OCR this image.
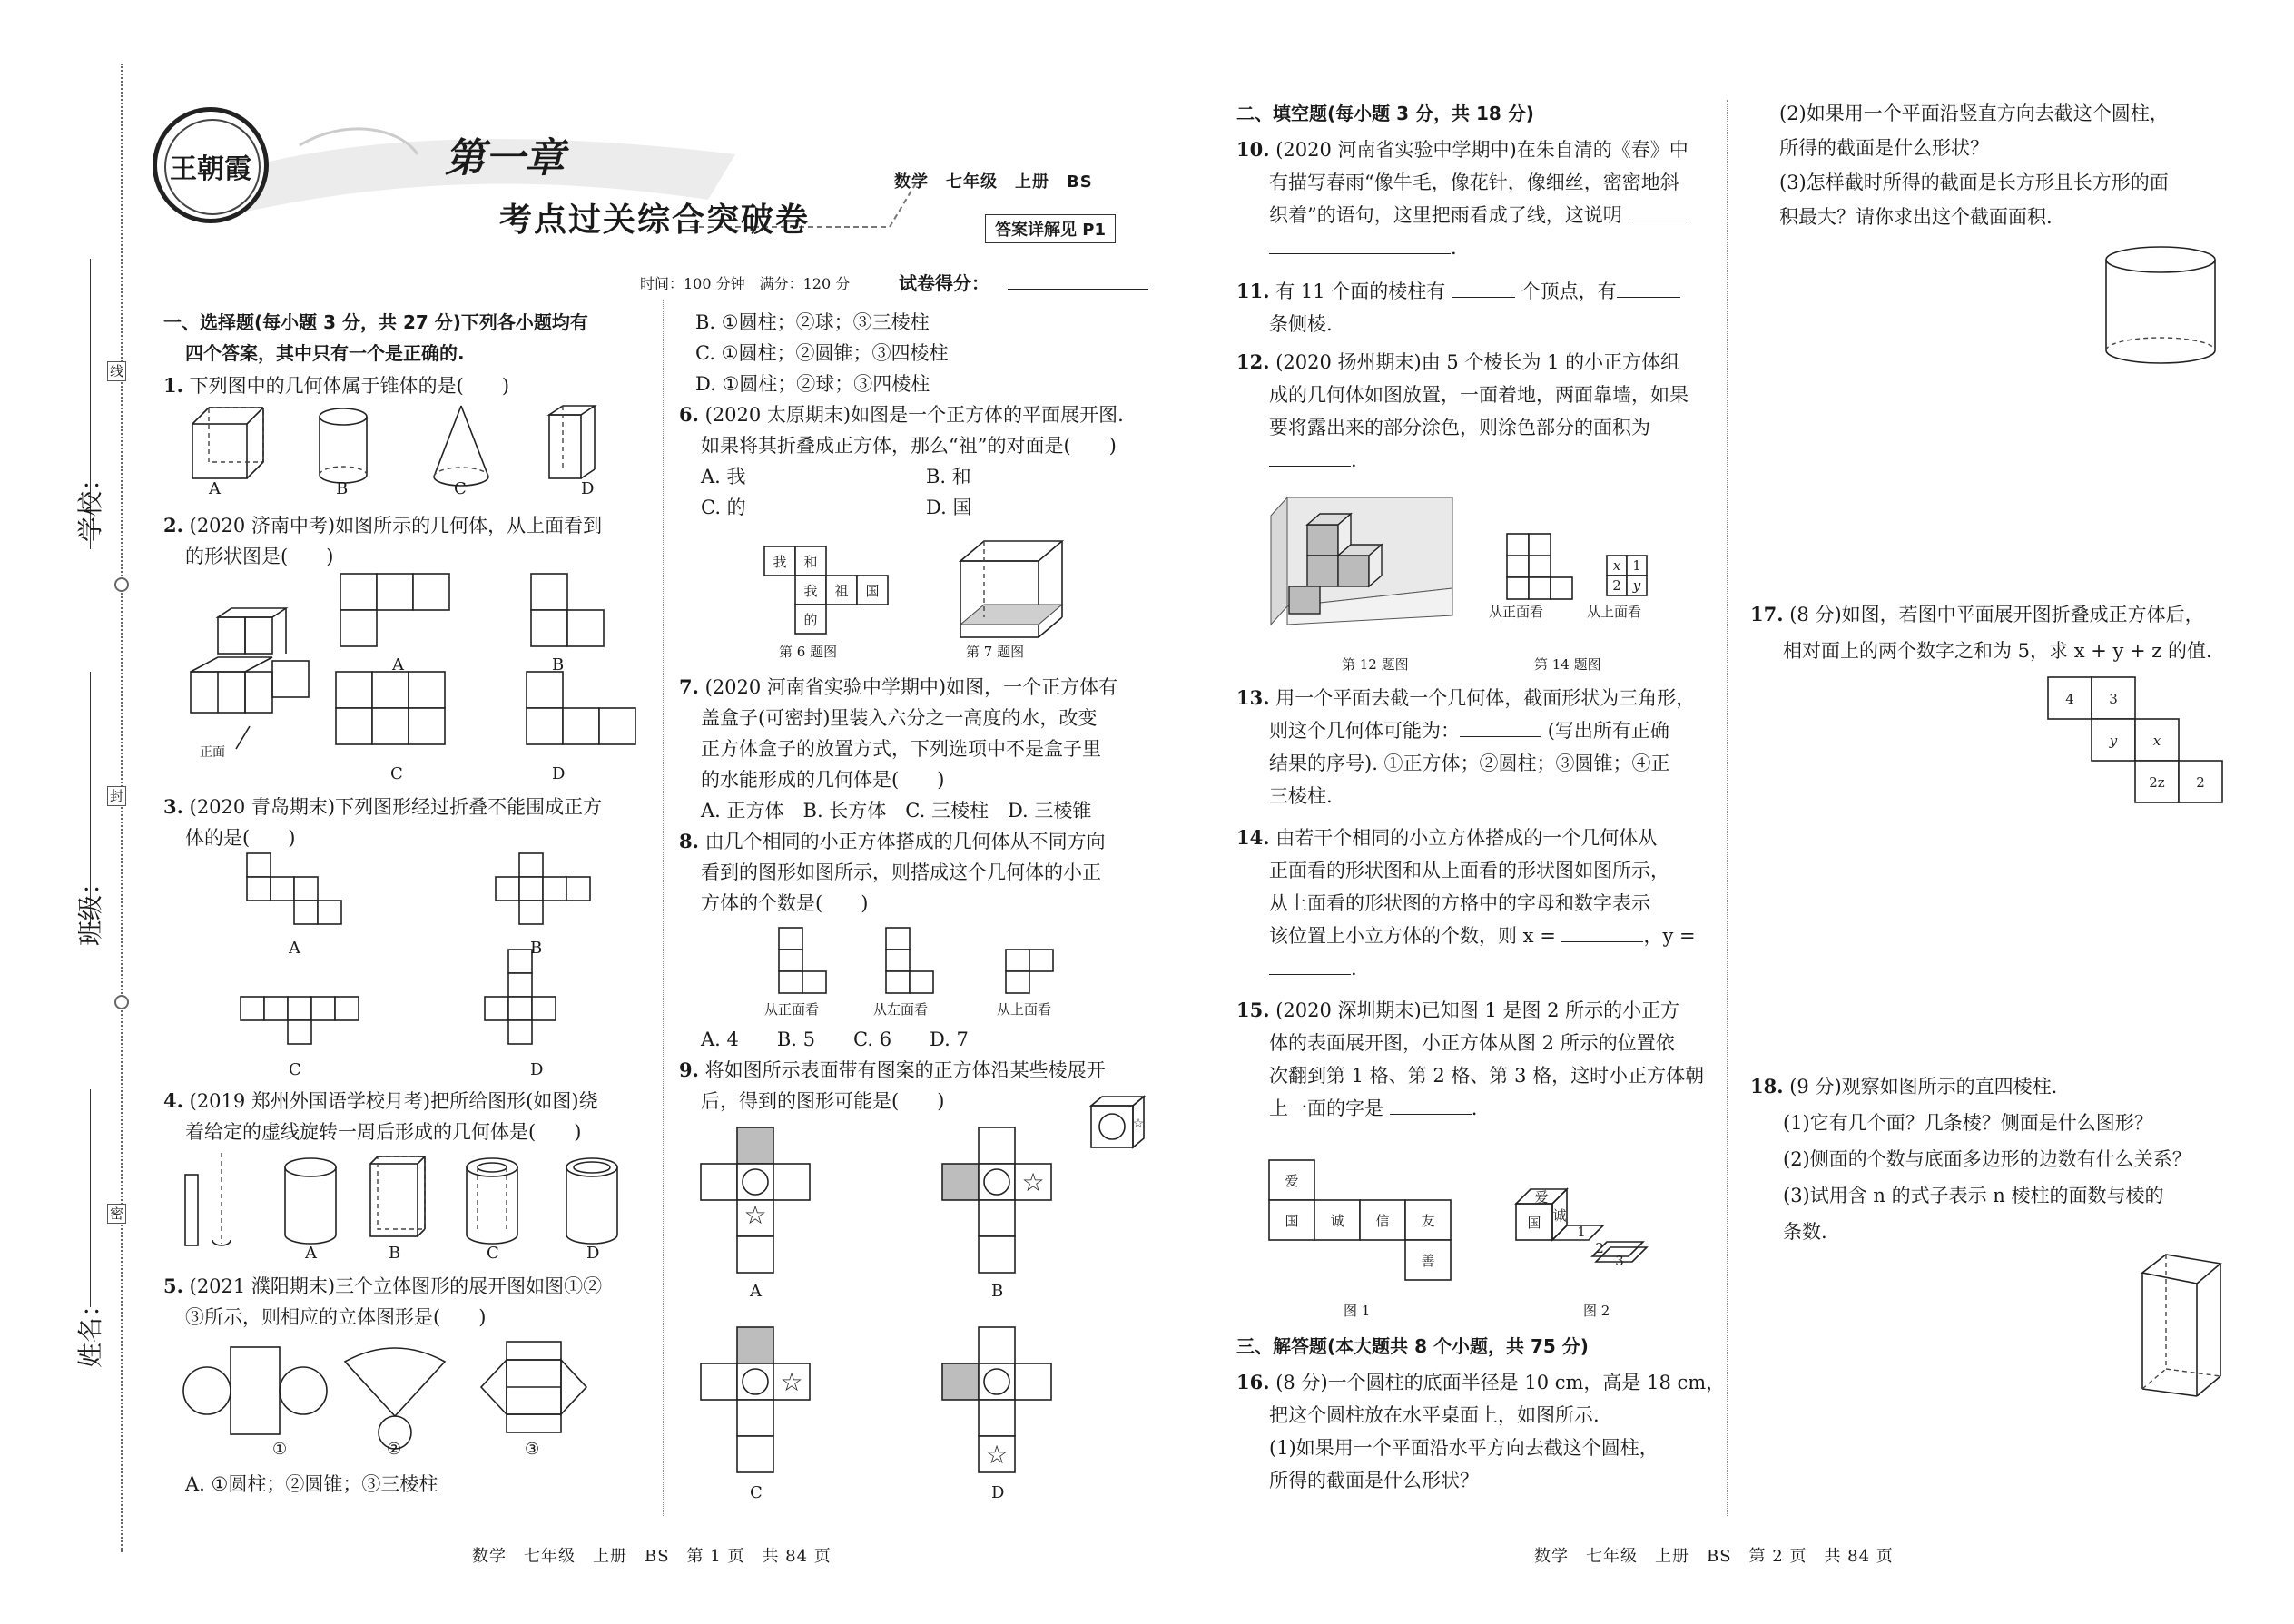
线
封
密
学校：
班级：
姓名：
王朝霞	第一章
考点过关综合突破卷
数学　七年级　上册　BS
答案详解见 P1
时间：100 分钟　满分：120 分	试卷得分：
一、选择题(每小题 3 分，共 27 分)下列各小题均有
四个答案，其中只有一个是正确的.
1. 下列图中的几何体属于锥体的是(　　)
A	B	C	D
2. (2020 济南中考)如图所示的几何体，从上面看到
的形状图是(　　)
正面
A	B
C	D
3. (2020 青岛期末)下列图形经过折叠不能围成正方
体的是(　　)
A	B
C	D
4. (2019 郑州外国语学校月考)把所给图形(如图)绕
着给定的虚线旋转一周后形成的几何体是(　　)
A	B	C	D
5. (2021 濮阳期末)三个立体图形的展开图如图①②
③所示，则相应的立体图形是(　　)
①	②	③
A. ①圆柱；②圆锥；③三棱柱
B. ①圆柱；②球；③三棱柱
C. ①圆柱；②圆锥；③四棱柱
D. ①圆柱；②球；③四棱柱
6. (2020 太原期末)如图是一个正方体的平面展开图.
如果将其折叠成正方体，那么“祖”的对面是(　　)
A. 我	B. 和
C. 的	D. 国
我 和
我 祖 国
的
第 6 题图	第 7 题图
7. (2020 河南省实验中学期中)如图，一个正方体有
盖盒子(可密封)里装入六分之一高度的水，改变
正方体盒子的放置方式，下列选项中不是盒子里
的水能形成的几何体是(　　)
A. 正方体　B. 长方体　C. 三棱柱　D. 三棱锥
8. 由几个相同的小正方体搭成的几何体从不同方向
看到的图形如图所示，则搭成这个几何体的小正
方体的个数是(　　)
从正面看	从左面看	从上面看
A. 4　　B. 5　　C. 6　　D. 7
9. 将如图所示表面带有图案的正方体沿某些棱展开
后，得到的图形可能是(　　)
☆
☆
☆
☆
☆
A	B
C	D
数学　七年级　上册　BS　第 1 页　共 84 页
二、填空题(每小题 3 分，共 18 分)
10. (2020 河南省实验中学期中)在朱自清的《春》中
有描写春雨“像牛毛，像花针，像细丝，密密地斜
织着”的语句，这里把雨看成了线，这说明
.
11. 有 11 个面的棱柱有	个顶点，有
条侧棱.
12. (2020 扬州期末)由 5 个棱长为 1 的小正方体组
成的几何体如图放置，一面着地，两面靠墙，如果
要将露出来的部分涂色，则涂色部分的面积为
.
x 1
2 y
从正面看	从上面看
第 12 题图	第 14 题图
13. 用一个平面去截一个几何体，截面形状为三角形，
则这个几何体可能为：	(写出所有正确
结果的序号). ①正方体；②圆柱；③圆锥；④正
三棱柱.
14. 由若干个相同的小立方体搭成的一个几何体从
正面看的形状图和从上面看的形状图如图所示，
从上面看的形状图的方格中的字母和数字表示
该位置上小立方体的个数，则 x =	，y =
.
15. (2020 深圳期末)已知图 1 是图 2 所示的小正方
体的表面展开图，小正方体从图 2 所示的位置依
次翻到第 1 格、第 2 格、第 3 格，这时小正方体朝
上一面的字是	.
爱
国 诚 信 友
善
爱
国 诚
1
2
3
图 1	图 2
三、解答题(本大题共 8 个小题，共 75 分)
16. (8 分)一个圆柱的底面半径是 10 cm，高是 18 cm，
把这个圆柱放在水平桌面上，如图所示.
(1)如果用一个平面沿水平方向去截这个圆柱，
所得的截面是什么形状？
数学　七年级　上册　BS　第 2 页　共 84 页
(2)如果用一个平面沿竖直方向去截这个圆柱，
所得的截面是什么形状？
(3)怎样截时所得的截面是长方形且长方形的面
积最大？请你求出这个截面面积.
17. (8 分)如图，若图中平面展开图折叠成正方体后，
相对面上的两个数字之和为 5，求 x + y + z 的值.
4	3
y	x
2z 2
18. (9 分)观察如图所示的直四棱柱.
(1)它有几个面？几条棱？侧面是什么图形？
(2)侧面的个数与底面多边形的边数有什么关系？
(3)试用含 n 的式子表示 n 棱柱的面数与棱的
条数.
